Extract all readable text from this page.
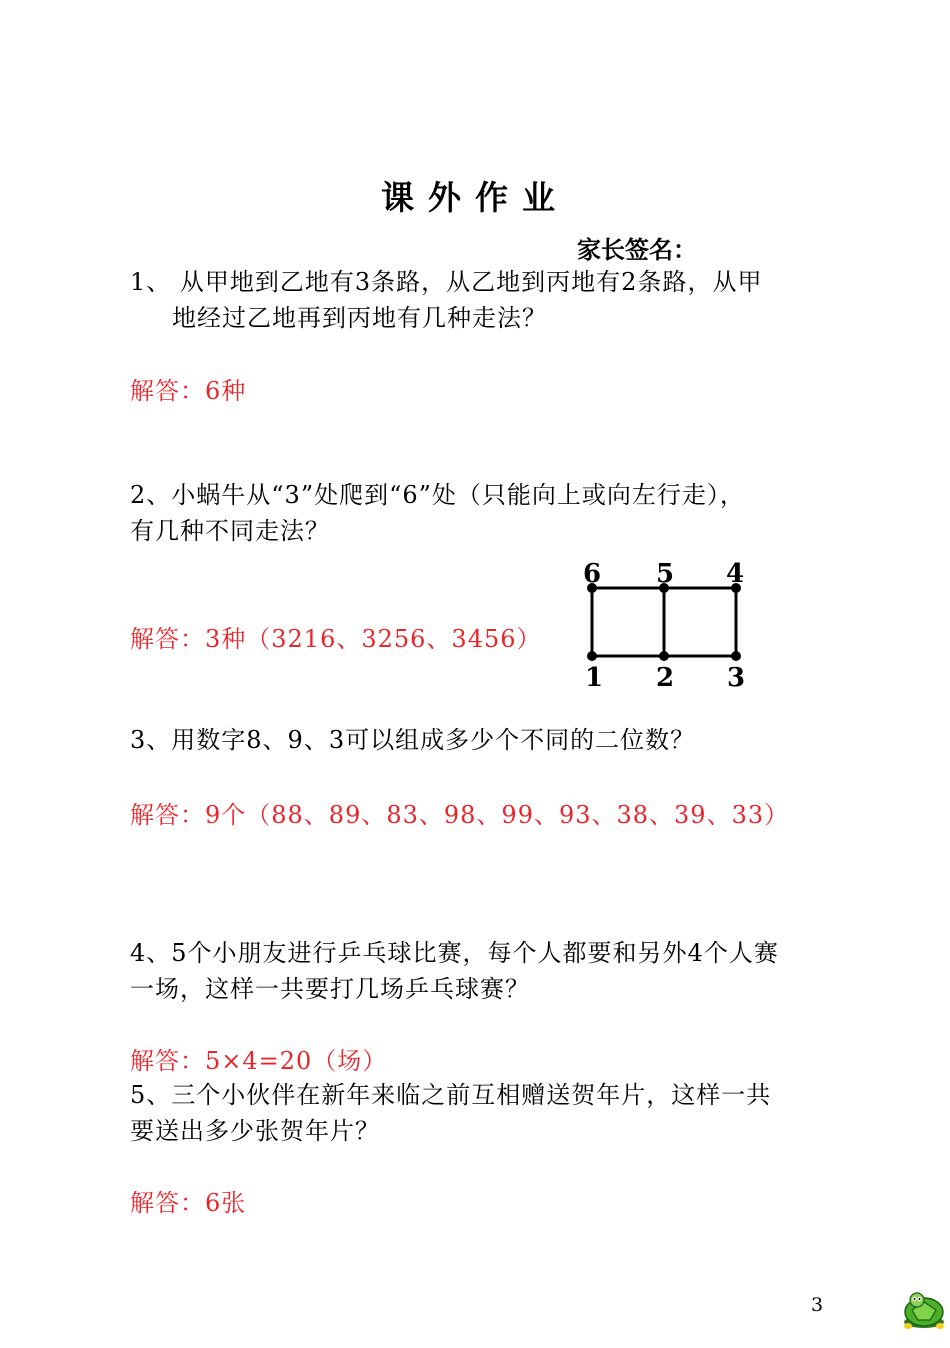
课外作业
家长签名：
1、 从甲地到乙地有3条路，从乙地到丙地有2条路，从甲
地经过乙地再到丙地有几种走法？
解答：6种
2、小蜗牛从“3”处爬到“6”处（只能向上或向左行走），
有几种不同走法？
解答：3种（3216、3256、3456）
6 5 4
1 2 3
3、用数字8、9、3可以组成多少个不同的二位数？
解答：9个（88、89、83、98、99、93、38、39、33）
4、5个小朋友进行乒乓球比赛，每个人都要和另外4个人赛
一场，这样一共要打几场乒乓球赛？
解答：5×4=20（场）
5、三个小伙伴在新年来临之前互相赠送贺年片，这样一共
要送出多少张贺年片？
解答：6张
3
